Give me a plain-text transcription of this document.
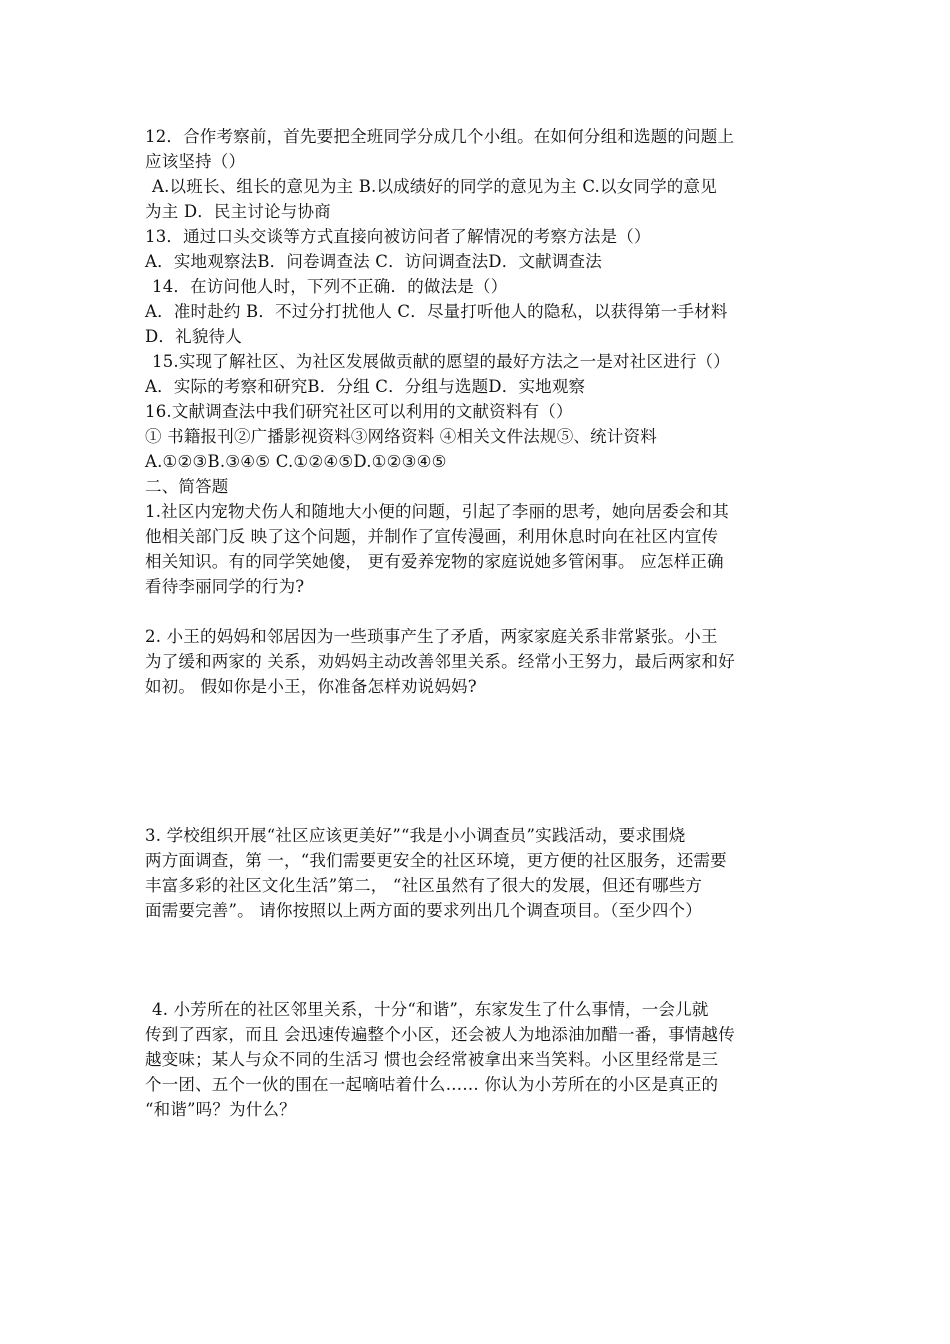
12．合作考察前，首先要把全班同学分成几个小组。在如何分组和选题的问题上
应该坚持（）
A.以班长、组长的意见为主 B.以成绩好的同学的意见为主 C.以女同学的意见
为主 D．民主讨论与协商
13．通过口头交谈等方式直接向被访问者了解情况的考察方法是（）
A．实地观察法B．问卷调查法 C．访问调查法D．文献调查法
14．在访问他人时，下列不正确．的做法是（）
A．准时赴约 B．不过分打扰他人 C．尽量打听他人的隐私，以获得第一手材料
D．礼貌待人
15.实现了解社区、为社区发展做贡献的愿望的最好方法之一是对社区进行（）
A．实际的考察和研究B．分组 C．分组与选题D．实地观察
16.文献调查法中我们研究社区可以利用的文献资料有（）
① 书籍报刊②广播影视资料③网络资料 ④相关文件法规⑤、统计资料
A.①②③B.③④⑤ C.①②④⑤D.①②③④⑤
二、简答题
1.社区内宠物犬伤人和随地大小便的问题，引起了李丽的思考，她向居委会和其
他相关部门反 映了这个问题，并制作了宣传漫画，利用休息时向在社区内宣传
相关知识。有的同学笑她傻， 更有爱养宠物的家庭说她多管闲事。 应怎样正确
看待李丽同学的行为?
2. 小王的妈妈和邻居因为一些琐事产生了矛盾，两家家庭关系非常紧张。小王
为了缓和两家的 关系，劝妈妈主动改善邻里关系。经常小王努力，最后两家和好
如初。 假如你是小王，你准备怎样劝说妈妈?
3. 学校组织开展“社区应该更美好”“我是小小调查员”实践活动，要求围烧
两方面调查，第 一，“我们需要更安全的社区环境，更方便的社区服务，还需要
丰富多彩的社区文化生活”第二， “社区虽然有了很大的发展，但还有哪些方
面需要完善”。 请你按照以上两方面的要求列出几个调查项目。（至少四个）
4. 小芳所在的社区邻里关系，十分“和谐”，东家发生了什么事情，一会儿就
传到了西家，而且 会迅速传遍整个小区，还会被人为地添油加醋一番，事情越传
越变味；某人与众不同的生活习 惯也会经常被拿出来当笑料。小区里经常是三
个一团、五个一伙的围在一起嘀咕着什么…… 你认为小芳所在的小区是真正的
“和谐”吗？为什么？
